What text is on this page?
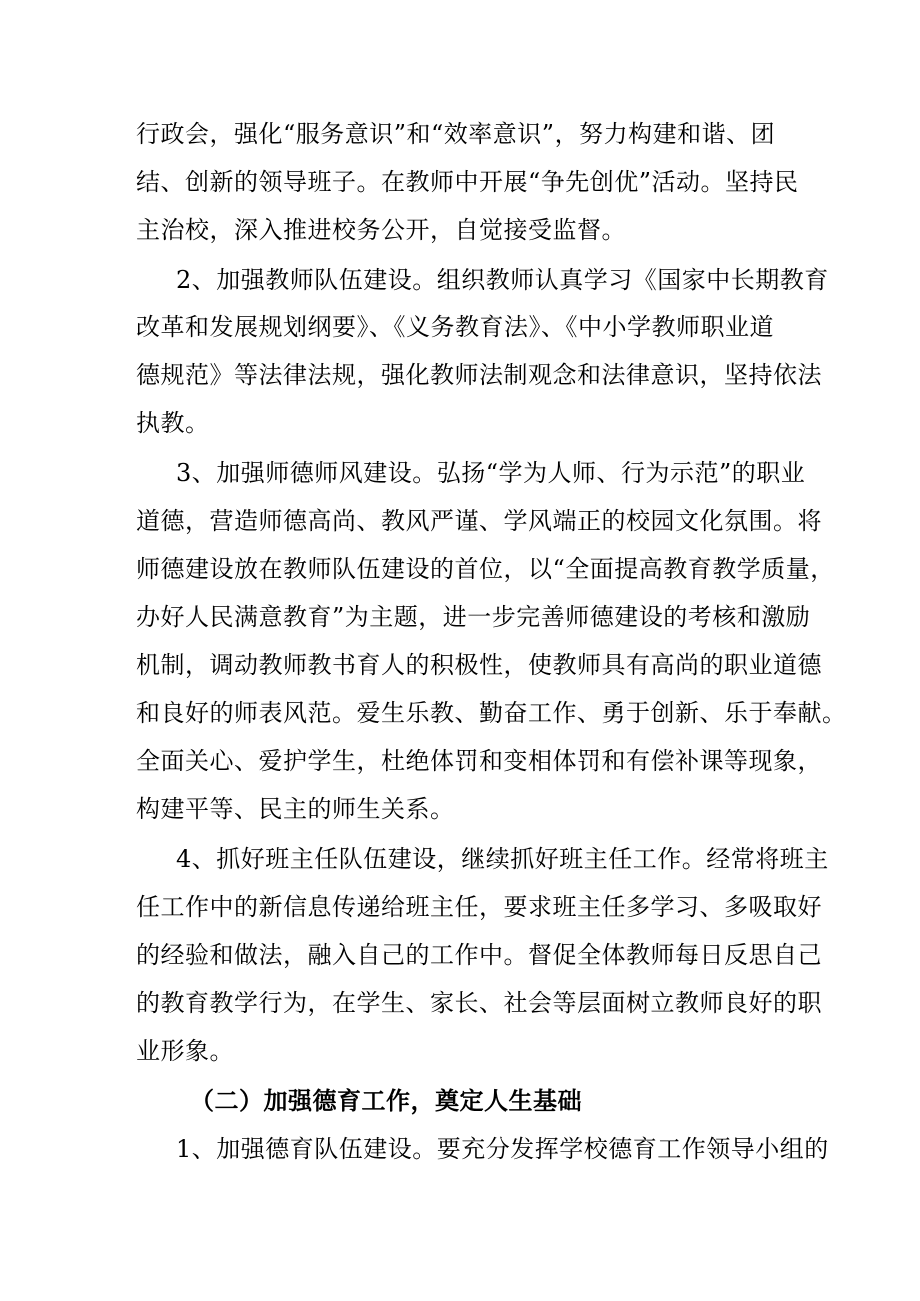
行政会，强化“服务意识”和“效率意识”，努力构建和谐、团
结、创新的领导班子。在教师中开展“争先创优”活动。坚持民
主治校，深入推进校务公开，自觉接受监督。
2、加强教师队伍建设。组织教师认真学习《国家中长期教育
改革和发展规划纲要》、《义务教育法》、《中小学教师职业道
德规范》等法律法规，强化教师法制观念和法律意识，坚持依法
执教。
3、加强师德师风建设。弘扬“学为人师、行为示范”的职业
道德，营造师德高尚、教风严谨、学风端正的校园文化氛围。将
师德建设放在教师队伍建设的首位，以“全面提高教育教学质量，
办好人民满意教育”为主题，进一步完善师德建设的考核和激励
机制，调动教师教书育人的积极性，使教师具有高尚的职业道德
和良好的师表风范。爱生乐教、勤奋工作、勇于创新、乐于奉献。
全面关心、爱护学生，杜绝体罚和变相体罚和有偿补课等现象，
构建平等、民主的师生关系。
4、抓好班主任队伍建设，继续抓好班主任工作。经常将班主
任工作中的新信息传递给班主任，要求班主任多学习、多吸取好
的经验和做法，融入自己的工作中。督促全体教师每日反思自己
的教育教学行为，在学生、家长、社会等层面树立教师良好的职
业形象。
（二）加强德育工作，奠定人生基础
1、加强德育队伍建设。要充分发挥学校德育工作领导小组的
